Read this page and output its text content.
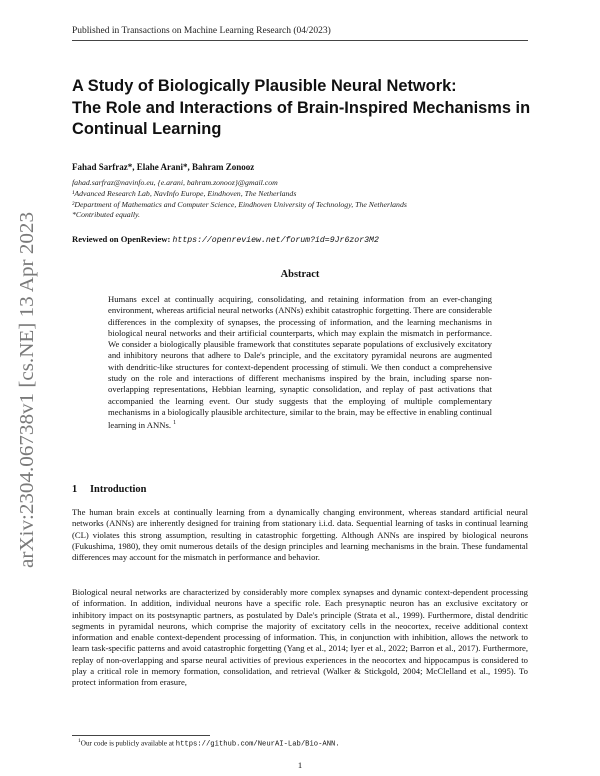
Published in Transactions on Machine Learning Research (04/2023)
arXiv:2304.06738v1 [cs.NE] 13 Apr 2023
A Study of Biologically Plausible Neural Network:
The Role and Interactions of Brain-Inspired Mechanisms in
Continual Learning
Fahad Sarfraz*, Elahe Arani*, Bahram Zonooz
fahad.sarfraz@navinfo.eu, {e.arani, bahram.zonooz}@gmail.com
¹Advanced Research Lab, NavInfo Europe, Eindhoven, The Netherlands
²Department of Mathematics and Computer Science, Eindhoven University of Technology, The Netherlands
*Contributed equally.
Reviewed on OpenReview: https://openreview.net/forum?id=9Jr6zor3M2
Abstract

Humans excel at continually acquiring, consolidating, and retaining information from an ever-changing environment, whereas artificial neural networks (ANNs) exhibit catastrophic forgetting. There are considerable differences in the complexity of synapses, the processing of information, and the learning mechanisms in biological neural networks and their artificial counterparts, which may explain the mismatch in performance. We consider a biologically plausible framework that constitutes separate populations of exclusively excitatory and inhibitory neurons that adhere to Dale's principle, and the excitatory pyramidal neurons are augmented with dendritic-like structures for context-dependent processing of stimuli. We then conduct a comprehensive study on the role and interactions of different mechanisms inspired by the brain, including sparse non-overlapping representations, Hebbian learning, synaptic consolidation, and replay of past activations that accompanied the learning event. Our study suggests that the employing of multiple complementary mechanisms in a biologically plausible architecture, similar to the brain, may be effective in enabling continual learning in ANNs. $^1$

1 Introduction

The human brain excels at continually learning from a dynamically changing environment, whereas standard artificial neural networks (ANNs) are inherently designed for training from stationary i.i.d. data. Sequential learning of tasks in continual learning (CL) violates this strong assumption, resulting in catastrophic forgetting. Although ANNs are inspired by biological neurons (Fukushima, 1980), they omit numerous details of the design principles and learning mechanisms in the brain. These fundamental differences may account for the mismatch in performance and behavior.

Biological neural networks are characterized by considerably more complex synapses and dynamic context-dependent processing of information. In addition, individual neurons have a specific role. Each presynaptic neuron has an exclusive excitatory or inhibitory impact on its postsynaptic partners, as postulated by Dale's principle (Strata et al., 1999). Furthermore, distal dendritic segments in pyramidal neurons, which comprise the majority of excitatory cells in the neocortex, receive additional context information and enable context-dependent processing of information. This, in conjunction with inhibition, allows the network to learn task-specific patterns and avoid catastrophic forgetting (Yang et al., 2014; Iyer et al., 2022; Barron et al., 2017). Furthermore, replay of non-overlapping and sparse neural activities of previous experiences in the neocortex and hippocampus is considered to play a critical role in memory formation, consolidation, and retrieval (Walker & Stickgold, 2004; McClelland et al., 1995). To protect information from erasure,

$^1$Our code is publicly available at https://github.com/NeurAI-Lab/Bio-ANN.
1
